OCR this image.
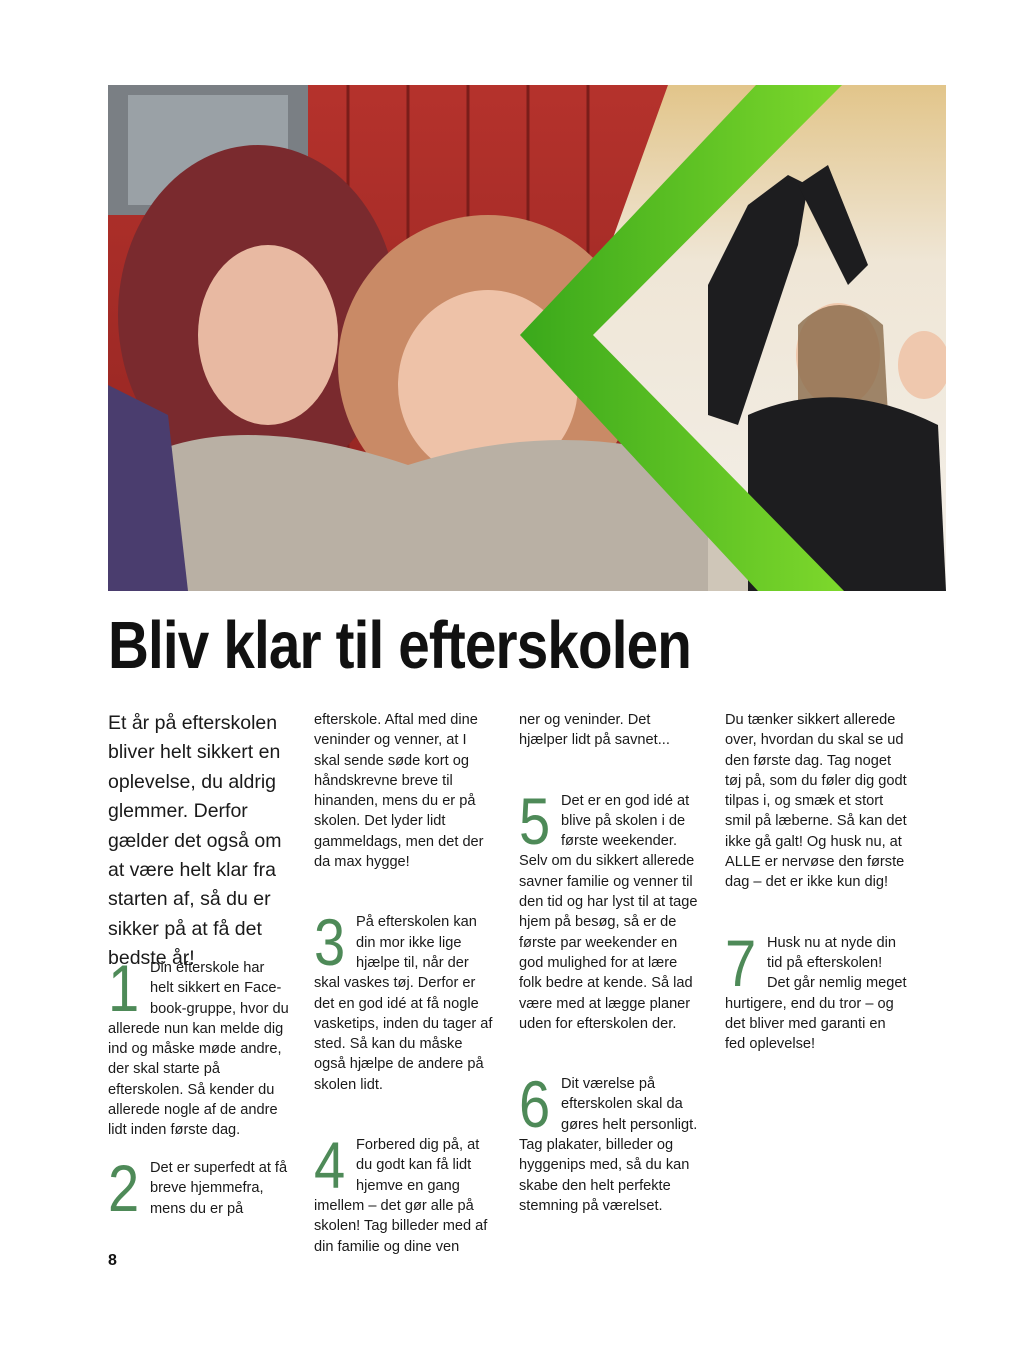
Bliv klar til efterskolen

Et år på efterskolen bliver helt sikkert en oplevelse, du aldrig glemmer. Derfor gælder det også om at være helt klar fra starten af, så du er sikker på at få det bedste år!

1 Din efterskole har helt sikkert en Facebook-gruppe, hvor du allerede nun kan melde dig ind og måske møde andre, der skal starte på efterskolen. Så kender du allerede nogle af de andre lidt inden første dag.
2 Det er superfedt at få breve hjemmefra, mens du er på
efterskole. Aftal med dine veninder og venner, at I skal sende søde kort og håndskrevne breve til hinanden, mens du er på skolen. Det lyder lidt gammeldags, men det der da max hygge!
3 På efterskolen kan din mor ikke lige hjælpe til, når der skal vaskes tøj. Derfor er det en god idé at få nogle vasketips, inden du tager af sted. Så kan du måske også hjælpe de andere på skolen lidt.
4 Forbered dig på, at du godt kan få lidt hjemve en gang imellem – det gør alle på skolen! Tag billeder med af din familie og dine ven
ner og veninder. Det hjælper lidt på savnet...
5 Det er en god idé at blive på skolen i de første weekender. Selv om du sikkert allerede savner familie og venner til den tid og har lyst til at tage hjem på besøg, så er de første par weekender en god mulighed for at lære folk bedre at kende. Så lad være med at lægge planer uden for efterskolen der.
6 Dit værelse på efterskolen skal da gøres helt personligt. Tag plakater, billeder og hyggenips med, så du kan skabe den helt perfekte stemning på værelset.
Du tænker sikkert allerede over, hvordan du skal se ud den første dag. Tag noget tøj på, som du føler dig godt tilpas i, og smæk et stort smil på læberne. Så kan det ikke gå galt! Og husk nu, at ALLE er nervøse den første dag – det er ikke kun dig!
7 Husk nu at nyde din tid på efterskolen! Det går nemlig meget hurtigere, end du tror – og det bliver med garanti en fed oplevelse!
8
